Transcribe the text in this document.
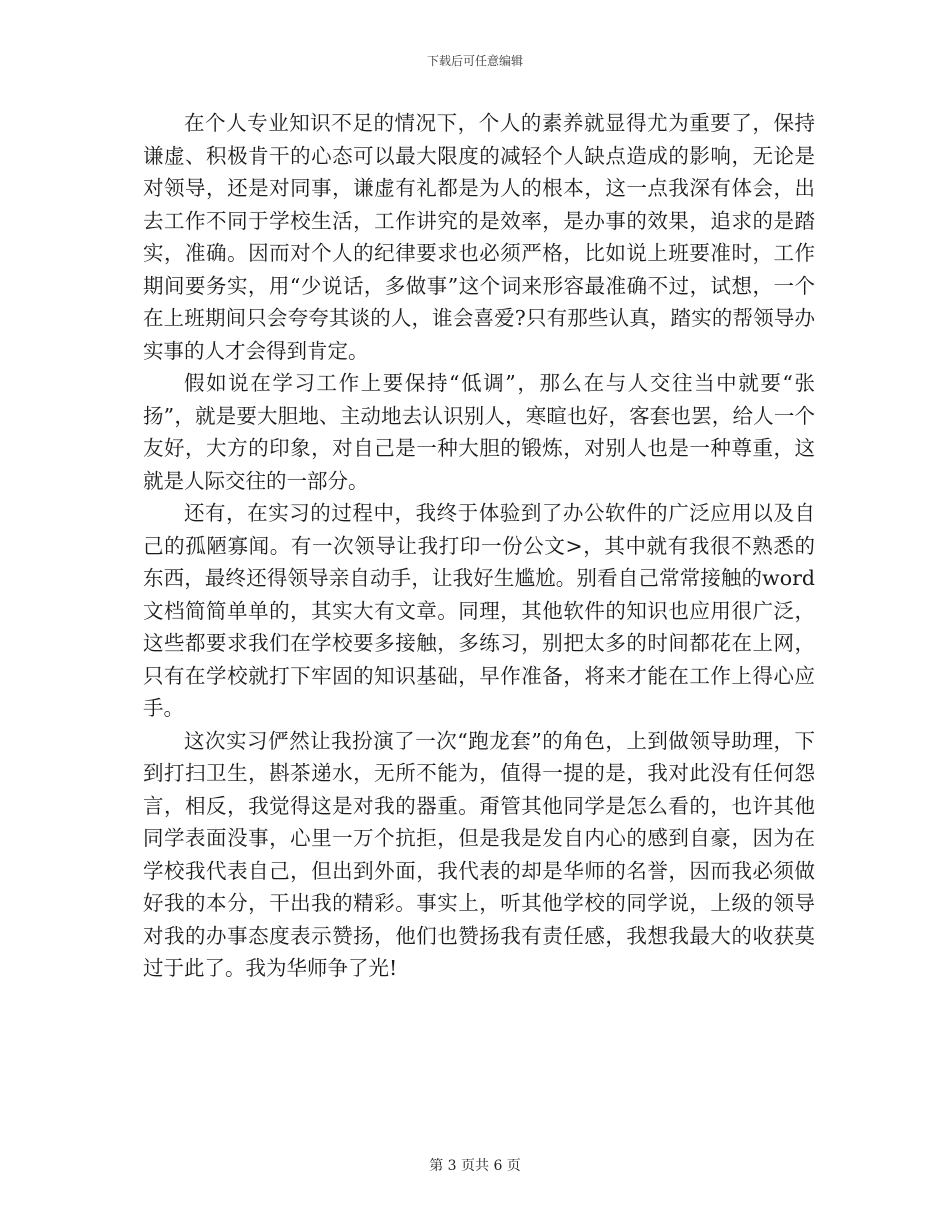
下载后可任意编辑

在个人专业知识不足的情况下，个人的素养就显得尤为重要了，保持谦虚、积极肯干的心态可以最大限度的减轻个人缺点造成的影响，无论是对领导，还是对同事，谦虚有礼都是为人的根本，这一点我深有体会，出去工作不同于学校生活，工作讲究的是效率，是办事的效果，追求的是踏实，准确。因而对个人的纪律要求也必须严格，比如说上班要准时，工作期间要务实，用“少说话，多做事”这个词来形容最准确不过，试想，一个在上班期间只会夸夸其谈的人，谁会喜爱?只有那些认真，踏实的帮领导办实事的人才会得到肯定。

假如说在学习工作上要保持“低调”，那么在与人交往当中就要“张扬”，就是要大胆地、主动地去认识别人，寒暄也好，客套也罢，给人一个友好，大方的印象，对自己是一种大胆的锻炼，对别人也是一种尊重，这就是人际交往的一部分。

还有，在实习的过程中，我终于体验到了办公软件的广泛应用以及自己的孤陋寡闻。有一次领导让我打印一份公文>，其中就有我很不熟悉的东西，最终还得领导亲自动手，让我好生尴尬。别看自己常常接触的word文档简简单单的，其实大有文章。同理，其他软件的知识也应用很广泛，这些都要求我们在学校要多接触，多练习，别把太多的时间都花在上网，只有在学校就打下牢固的知识基础，早作准备，将来才能在工作上得心应手。

这次实习俨然让我扮演了一次“跑龙套”的角色，上到做领导助理，下到打扫卫生，斟茶递水，无所不能为，值得一提的是，我对此没有任何怨言，相反，我觉得这是对我的器重。甭管其他同学是怎么看的，也许其他同学表面没事，心里一万个抗拒，但是我是发自内心的感到自豪，因为在学校我代表自己，但出到外面，我代表的却是华师的名誉，因而我必须做好我的本分，干出我的精彩。事实上，听其他学校的同学说，上级的领导对我的办事态度表示赞扬，他们也赞扬我有责任感，我想我最大的收获莫过于此了。我为华师争了光!

第 3 页共 6 页
